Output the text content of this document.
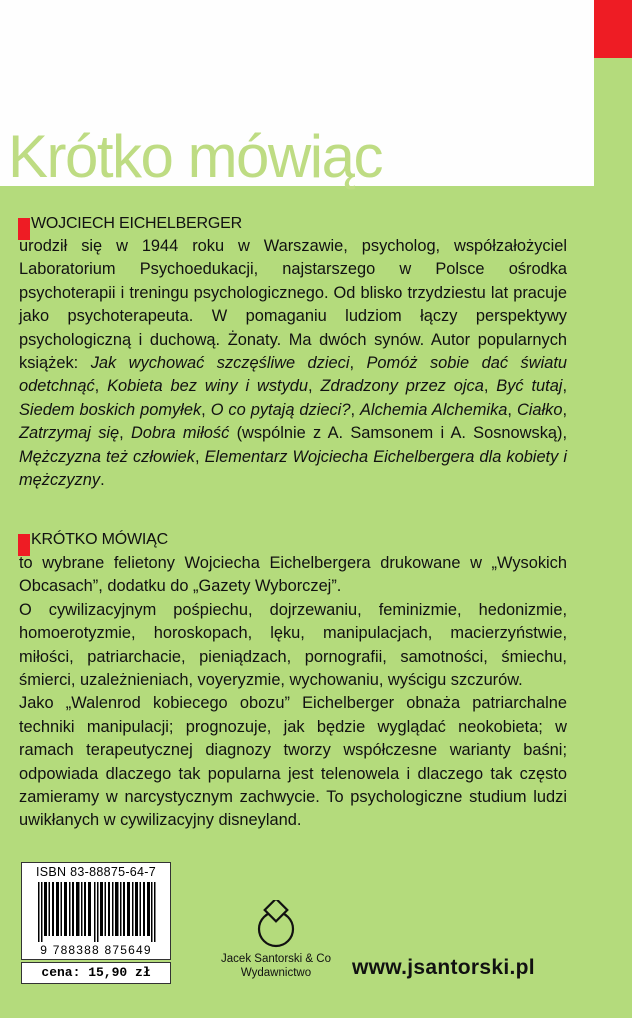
Krótko mówiąc
WOJCIECH EICHELBERGER

urodził się w 1944 roku w Warszawie, psycholog, współzałożyciel Laboratorium Psychoedukacji, najstarszego w Polsce ośrodka psychoterapii i treningu psychologicznego. Od blisko trzydziestu lat pracuje jako psychoterapeuta. W pomaganiu ludziom łączy perspektywy psychologiczną i duchową. Żonaty. Ma dwóch synów. Autor popularnych książek: Jak wychować szczęśliwe dzieci, Pomóż sobie dać światu odetchnąć, Kobieta bez winy i wstydu, Zdradzony przez ojca, Być tutaj, Siedem boskich pomyłek, O co pytają dzieci?, Alchemia Alchemika, Ciałko, Zatrzymaj się, Dobra miłość (wspólnie z A. Samsonem i A. Sosnowską), Mężczyzna też człowiek, Elementarz Wojciecha Eichelbergera dla kobiety i mężczyzny.

KRÓTKO MÓWIĄC

to wybrane felietony Wojciecha Eichelbergera drukowane w „Wysokich Obcasach”, dodatku do „Gazety Wyborczej”.

O cywilizacyjnym pośpiechu, dojrzewaniu, feminizmie, hedonizmie, homoerotyzmie, horoskopach, lęku, manipulacjach, macierzyństwie, miłości, patriarchacie, pieniądzach, pornografii, samotności, śmiechu, śmierci, uzależnieniach, voyeryzmie, wychowaniu, wyścigu szczurów.

Jako „Walenrod kobiecego obozu” Eichelberger obnaża patriarchalne techniki manipulacji; prognozuje, jak będzie wyglądać neokobieta; w ramach terapeutycznej diagnozy tworzy współczesne warianty baśni; odpowiada dlaczego tak popularna jest telenowela i dlaczego tak często zamieramy w narcystycznym zachwycie. To psychologiczne studium ludzi uwikłanych w cywilizacyjny disneyland.

ISBN 83-88875-64-7
9 788388 875649
cena: 15,90 zł
Jacek Santorski & Co
Wydawnictwo	www.jsantorski.pl
